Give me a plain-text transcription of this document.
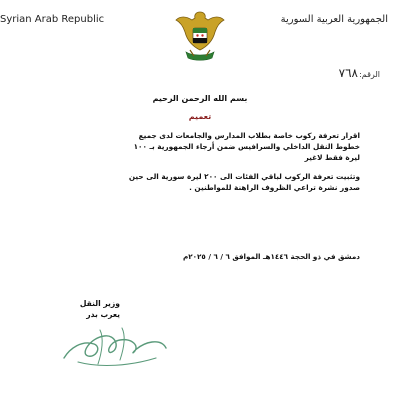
Syrian Arab Republic	الجمهورية العربية السورية
٧٦٨ الرقم:
بسم الله الرحمن الرحيم
تعميم

اقرار تعرفة ركوب خاصة بطلاب المدارس والجامعات لدى جميع
خطوط النقل الداخلي والسرافيس ضمن أرجاء الجمهورية بـ ١٠٠
ليرة فقط لاغير

وتثبيت تعرفة الركوب لباقي الفئات الى ٢٠٠ ليرة سورية الى حين
صدور نشرة تراعي الظروف الراهنة للمواطنين .

دمشق في ذو الحجة ١٤٤٦هـ الموافق ٦ / ٦ / ٢٠٢٥م
وزير النقل
يعرب بدر
